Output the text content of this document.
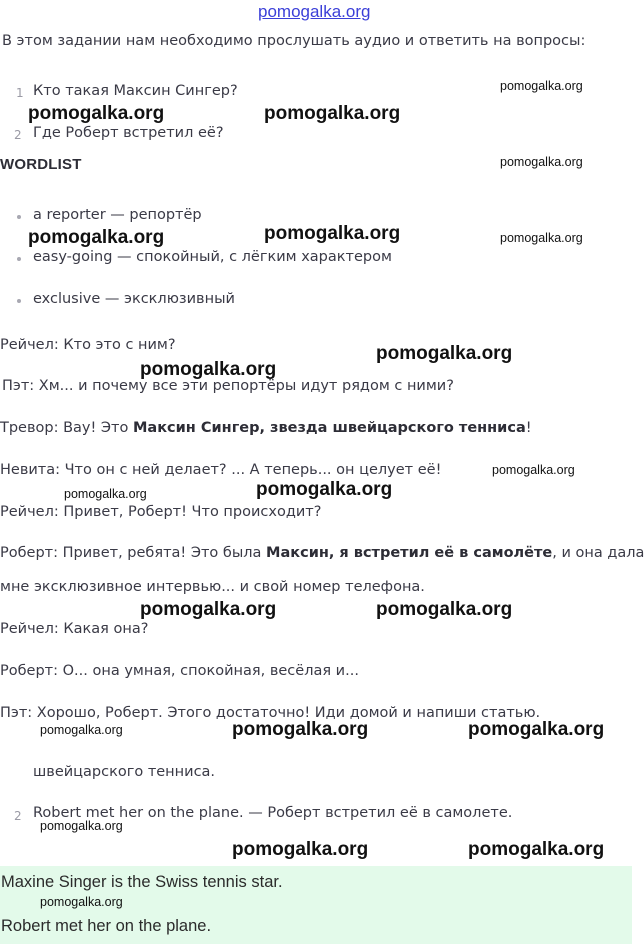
pomogalka.org
В этом задании нам необходимо прослушать аудио и ответить на вопросы:
1 Кто такая Максин Сингер?
2 Где Роберт встретил её?
WORDLIST
a reporter — репортёр
easy-going — спокойный, с лёгким характером
exclusive — эксклюзивный
Рейчел: Кто это с ним?
Пэт: Хм... и почему все эти репортёры идут рядом с ними?
Тревор: Вау! Это Максин Сингер, звезда швейцарского тенниса!
Невита: Что он с ней делает? ... А теперь... он целует её!
Рейчел: Привет, Роберт! Что происходит?
Роберт: Привет, ребята! Это была Максин, я встретил её в самолёте, и она дала
мне эксклюзивное интервью... и свой номер телефона.
Рейчел: Какая она?
Роберт: О... она умная, спокойная, весёлая и...
Пэт: Хорошо, Роберт. Этого достаточно! Иди домой и напиши статью.
швейцарского тенниса.
2 Robert met her on the plane. — Роберт встретил её в самолете.
Maxine Singer is the Swiss tennis star.
Robert met her on the plane.
pomogalka.org	pomogalka.org
pomogalka.org	pomogalka.org
pomogalka.org
pomogalka.org
pomogalka.org
pomogalka.org	pomogalka.org
pomogalka.org	pomogalka.org
pomogalka.org	pomogalka.org
pomogalka.org
pomogalka.org
pomogalka.org
pomogalka.org
pomogalka.org
pomogalka.org
pomogalka.org
pomogalka.org
